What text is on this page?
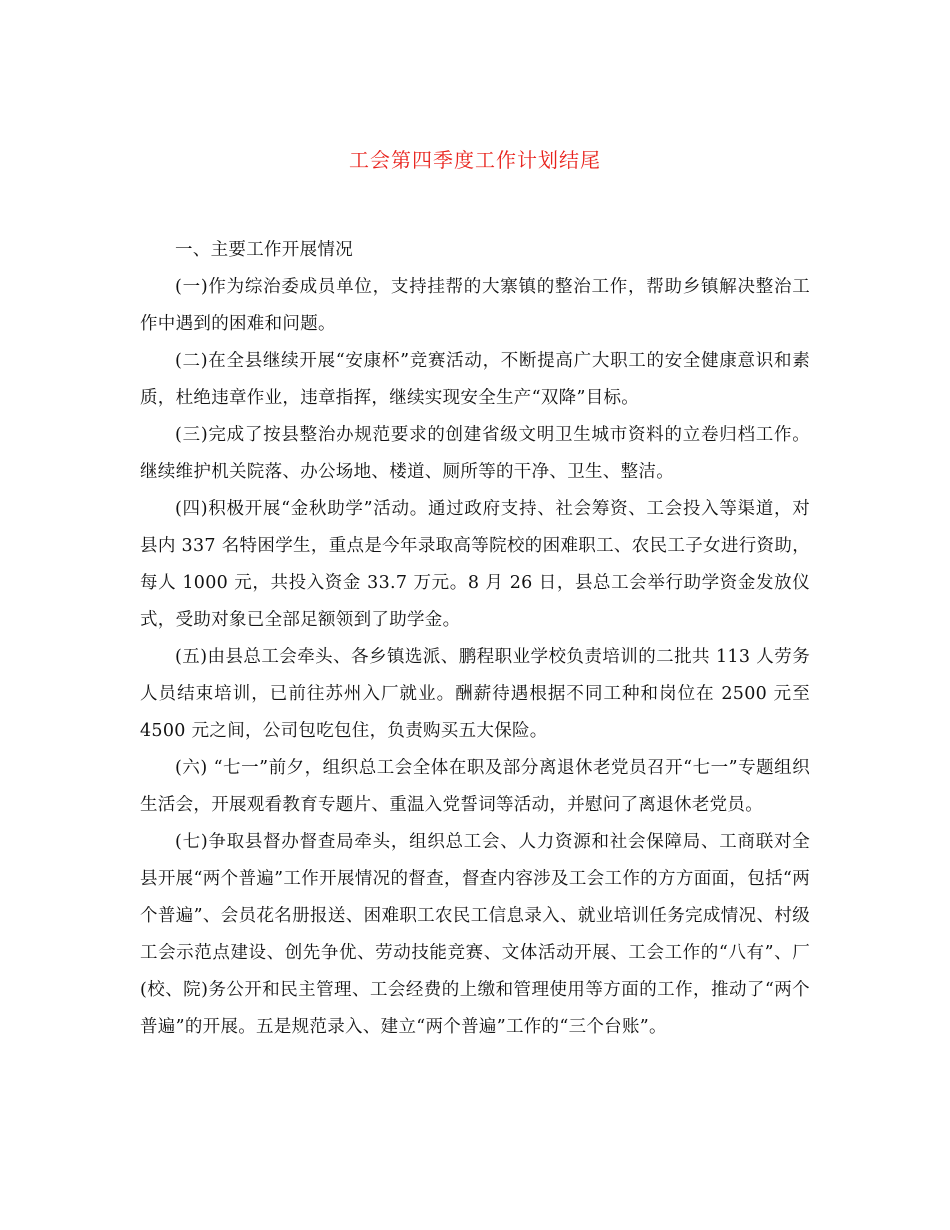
工会第四季度工作计划结尾

一、主要工作开展情况

(一)作为综治委成员单位，支持挂帮的大寨镇的整治工作，帮助乡镇解决整治工作中遇到的困难和问题。

(二)在全县继续开展“安康杯”竞赛活动，不断提高广大职工的安全健康意识和素质，杜绝违章作业，违章指挥，继续实现安全生产“双降”目标。

(三)完成了按县整治办规范要求的创建省级文明卫生城市资料的立卷归档工作。继续维护机关院落、办公场地、楼道、厕所等的干净、卫生、整洁。

(四)积极开展“金秋助学”活动。通过政府支持、社会筹资、工会投入等渠道，对县内 337 名特困学生，重点是今年录取高等院校的困难职工、农民工子女进行资助，每人 1000 元，共投入资金 33.7 万元。8 月 26 日，县总工会举行助学资金发放仪式，受助对象已全部足额领到了助学金。

(五)由县总工会牵头、各乡镇选派、鹏程职业学校负责培训的二批共 113 人劳务人员结束培训，已前往苏州入厂就业。酬薪待遇根据不同工种和岗位在 2500 元至 4500 元之间，公司包吃包住，负责购买五大保险。

(六) “七一”前夕，组织总工会全体在职及部分离退休老党员召开“七一”专题组织生活会，开展观看教育专题片、重温入党誓词等活动，并慰问了离退休老党员。

(七)争取县督办督查局牵头，组织总工会、人力资源和社会保障局、工商联对全县开展“两个普遍”工作开展情况的督查，督查内容涉及工会工作的方方面面，包括“两个普遍”、会员花名册报送、困难职工农民工信息录入、就业培训任务完成情况、村级工会示范点建设、创先争优、劳动技能竞赛、文体活动开展、工会工作的“八有”、厂(校、院)务公开和民主管理、工会经费的上缴和管理使用等方面的工作，推动了“两个普遍”的开展。五是规范录入、建立“两个普遍”工作的“三个台账”。
